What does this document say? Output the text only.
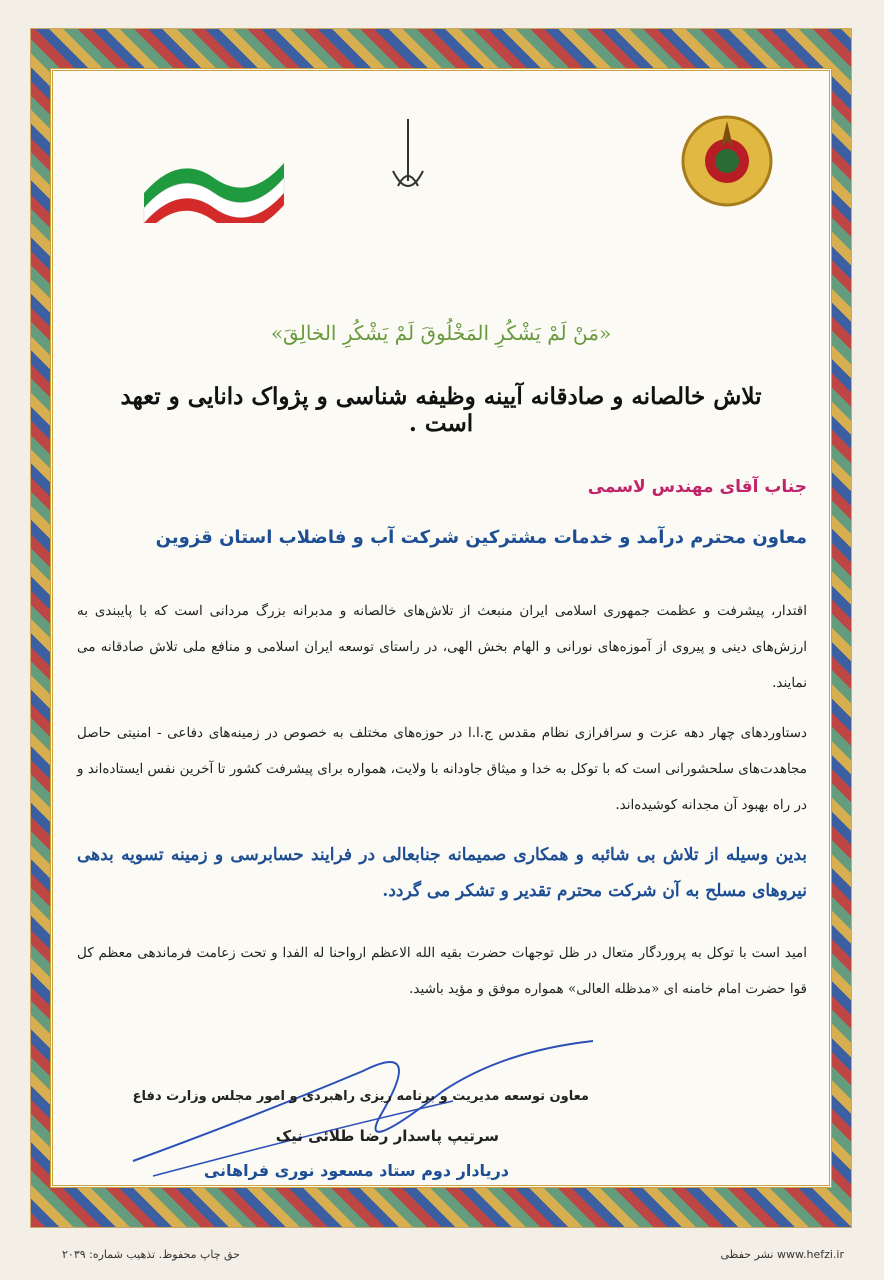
«مَنْ لَمْ يَشْكُرِ المَخْلُوقَ لَمْ يَشْكُرِ الخالِقَ»
تلاش خالصانه و صادقانه آیینه وظیفه شناسی و پژواک دانایی و تعهد است .
جناب آقای مهندس لاسمی
معاون محترم درآمد و خدمات مشترکین شرکت آب و فاضلاب استان قزوین
اقتدار، پیشرفت و عظمت جمهوری اسلامی ایران منبعث از تلاش‌های خالصانه و مدبرانه بزرگ مردانی است که با پایبندی به ارزش‌های دینی و پیروی از آموزه‌های نورانی و الهام بخش الهی، در راستای توسعه ایران اسلامی و منافع ملی تلاش صادقانه می نمایند.
دستاوردهای چهار دهه عزت و سرافرازی نظام مقدس ج.ا.ا در حوزه‌های مختلف به خصوص در زمینه‌های دفاعی - امنیتی حاصل مجاهدت‌های سلحشورانی است که با توکل به خدا و میثاق جاودانه با ولایت، همواره برای پیشرفت کشور تا آخرین نفس ایستاده‌اند و در راه بهبود آن مجدانه کوشیده‌اند.
بدین وسیله از تلاش بی شائبه و همکاری صمیمانه جنابعالی در فرایند حسابرسی و زمینه تسویه بدهی نیروهای مسلح به آن شرکت محترم تقدیر و تشکر می گردد.
امید است با توکل به پروردگار متعال در ظل توجهات حضرت بقیه الله الاعظم ارواحنا له الفدا و تحت زعامت فرماندهی معظم کل قوا حضرت امام خامنه ای «مدظله العالی» همواره موفق و مؤید باشید.
معاون توسعه مدیریت و برنامه ریزی راهبردی و امور مجلس وزارت دفاع
سرتیپ پاسدار رضا طلائی نیک
دریادار دوم ستاد مسعود نوری فراهانی
حق چاپ محفوظ. تذهیب شماره: ۲۰۳۹	www.hefzi.ir نشر حفظی
